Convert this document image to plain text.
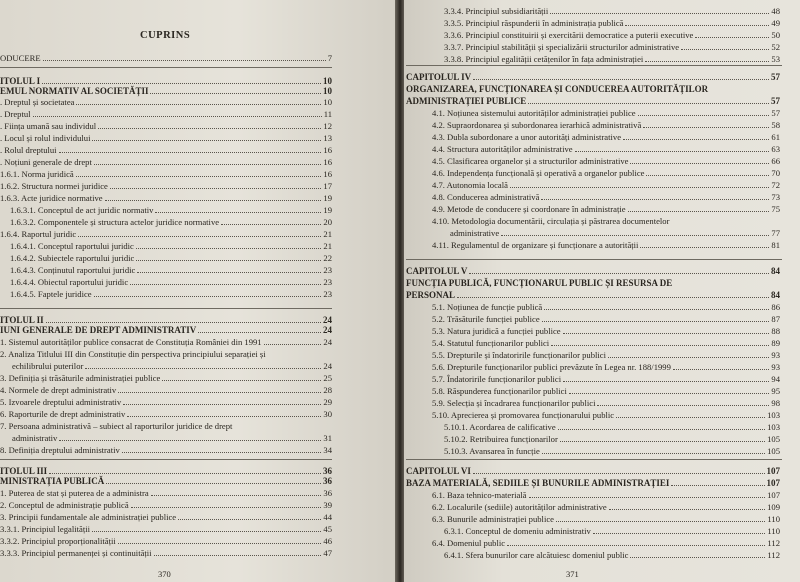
CUPRINS
ODUCERE	7
ITOLUL I	10
EMUL NORMATIV AL SOCIETĂȚII	10
. Dreptul și societatea	10
. Dreptul	11
. Ființa umană sau individul	12
. Locul și rolul individului	13
. Rolul dreptului	16
. Noțiuni generale de drept	16
1.6.1. Norma juridică	16
1.6.2. Structura normei juridice	17
1.6.3. Acte juridice normative	19
1.6.3.1. Conceptul de act juridic normativ	19
1.6.3.2. Componentele și structura actelor juridice normative	20
1.6.4. Raportul juridic	21
1.6.4.1. Conceptul raportului juridic	21
1.6.4.2. Subiectele raportului juridic	22
1.6.4.3. Conținutul raportului juridic	23
1.6.4.4. Obiectul raportului juridic	23
1.6.4.5. Faptele juridice	23
ITOLUL II	24
IUNI GENERALE DE DREPT ADMINISTRATIV	24
1. Sistemul autorităților publice consacrat de Constituția României din 1991	24
2. Analiza Titlului III din Constituție din perspectiva principiului separației și
echilibrului puterilor	24
3. Definiția și trăsăturile administrației publice	25
4. Normele de drept administrativ	28
5. Izvoarele dreptului administrativ	29
6. Raporturile de drept administrativ	30
7. Persoana administrativă – subiect al raporturilor juridice de drept
administrativ	31
8. Definiția dreptului administrativ	34
ITOLUL III	36
MINISTRAȚIA PUBLICĂ	36
1. Puterea de stat și puterea de a administra	36
2. Conceptul de administrație publică	39
3. Principii fundamentale ale administrației publice	44
3.3.1. Principiul legalității	45
3.3.2. Principiul proporționalității	46
3.3.3. Principiul permanenței și continuității	47
370
3.3.4. Principiul subsidiarității	48
3.3.5. Principiul răspunderii în administrația publică	49
3.3.6. Principiul constituirii și exercitării democratice a puterii executive	50
3.3.7. Principiul stabilității și specializării structurilor administrative	52
3.3.8. Principiul egalității cetățenilor în fața administrației	53
CAPITOLUL IV	57
ORGANIZAREA, FUNCȚIONAREA ȘI CONDUCEREA AUTORITĂȚILOR
ADMINISTRAȚIEI PUBLICE	57
4.1. Noțiunea sistemului autorităților administrației publice	57
4.2. Supraordonarea și subordonarea ierarhică administrativă	58
4.3. Dubla subordonare a unor autorități administrative	61
4.4. Structura autorităților administrative	63
4.5. Clasificarea organelor și a structurilor administrative	66
4.6. Independența funcțională și operativă a organelor publice	70
4.7. Autonomia locală	72
4.8. Conducerea administrativă	73
4.9. Metode de conducere și coordonare în administrație	75
4.10. Metodologia documentării, circulația și păstrarea documentelor
administrative	77
4.11. Regulamentul de organizare și funcționare a autorității	81
CAPITOLUL V	84
FUNCȚIA PUBLICĂ, FUNCȚIONARUL PUBLIC ȘI RESURSA DE
PERSONAL	84
5.1. Noțiunea de funcție publică	86
5.2. Trăsăturile funcției publice	87
5.3. Natura juridică a funcției publice	88
5.4. Statutul funcționarilor publici	89
5.5. Drepturile și îndatoririle funcționarilor publici	93
5.6. Drepturile funcționarilor publici prevăzute în Legea nr. 188/1999	93
5.7. Îndatoririle funcționarilor publici	94
5.8. Răspunderea funcționarilor publici	95
5.9. Selecția și încadrarea funcționarilor publici	98
5.10. Aprecierea și promovarea funcționarului public	103
5.10.1. Acordarea de calificative	103
5.10.2. Retribuirea funcționarilor	105
5.10.3. Avansarea în funcție	105
CAPITOLUL VI	107
BAZA MATERIALĂ, SEDIILE ȘI BUNURILE ADMINISTRAȚIEI	107
6.1. Baza tehnico-materială	107
6.2. Localurile (sediile) autorităților administrative	109
6.3. Bunurile administrației publice	110
6.3.1. Conceptul de domeniu administrativ	110
6.4. Domeniul public	112
6.4.1. Sfera bunurilor care alcătuiesc domeniul public	112
371
